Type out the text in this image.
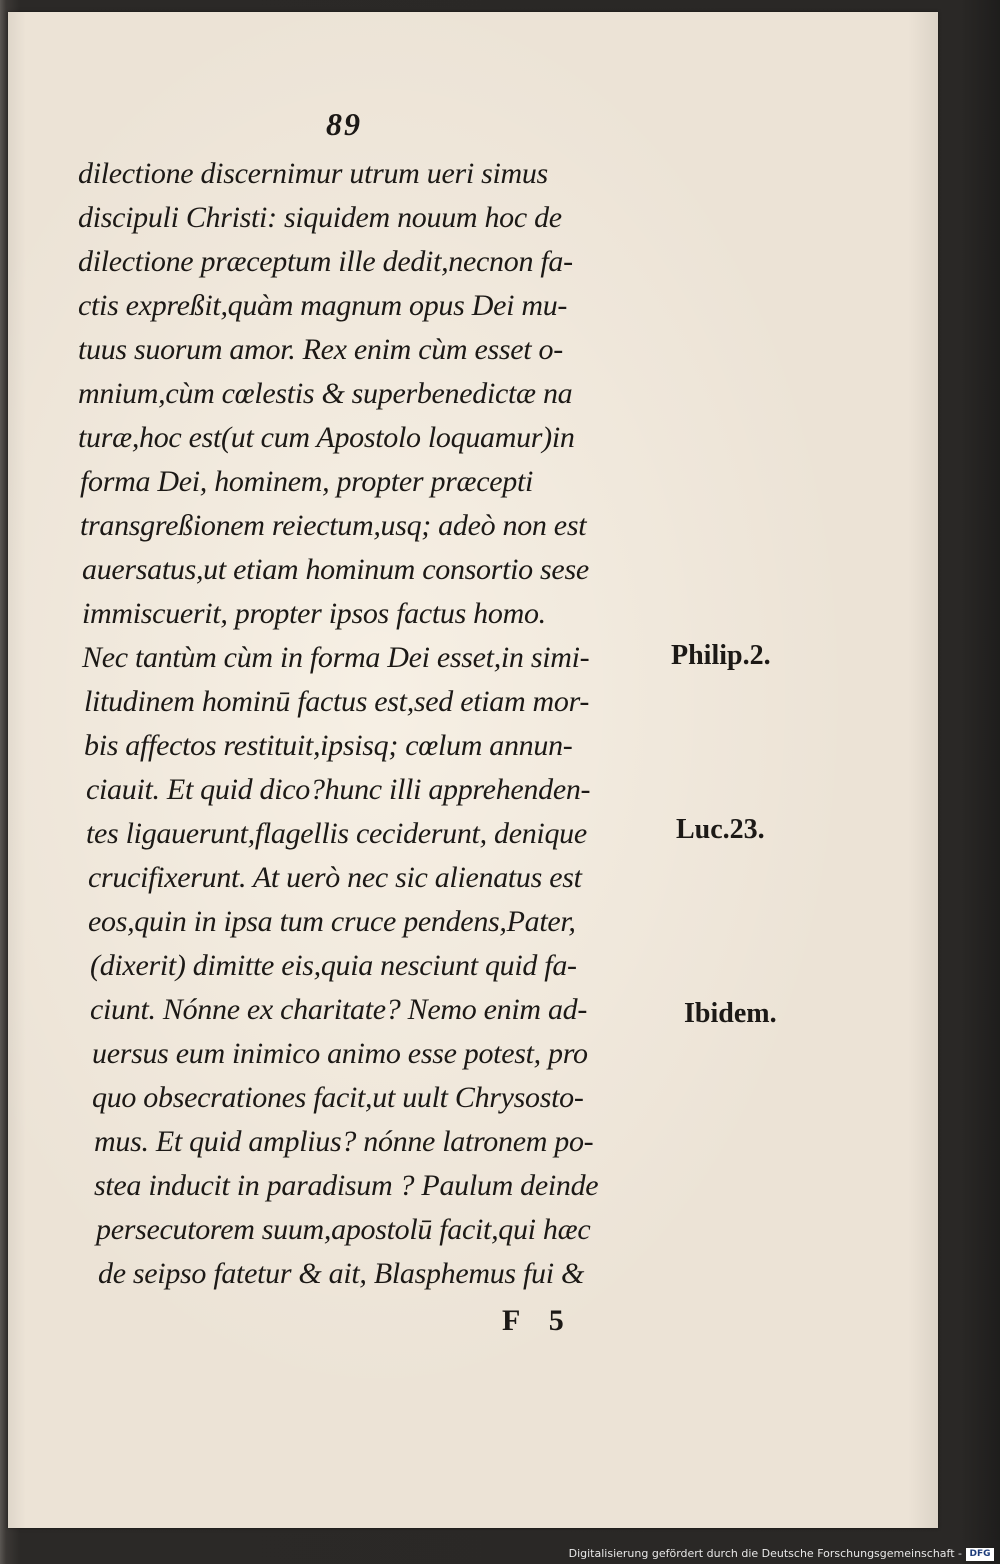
89
dilectione discernimur utrum ueri simus
discipuli Christi: siquidem nouum hoc de
dilectione præceptum ille dedit,necnon fa-
ctis expreßit,quàm magnum opus Dei mu-
tuus suorum amor. Rex enim cùm esset o-
mnium,cùm cœlestis & superbenedictæ na
turæ,hoc est(ut cum Apostolo loquamur)in
forma Dei, hominem, propter præcepti
transgreßionem reiectum,usq; adeò non est
auersatus,ut etiam hominum consortio sese
immiscuerit, propter ipsos factus homo.
Nec tantùm cùm in forma Dei esset,in simi-
litudinem hominū factus est,sed etiam mor-
bis affectos restituit,ipsisq; cœlum annun-
ciauit. Et quid dico?hunc illi apprehenden-
tes ligauerunt,flagellis ceciderunt, denique
crucifixerunt. At uerò nec sic alienatus est
eos,quin in ipsa tum cruce pendens,Pater,
(dixerit) dimitte eis,quia nesciunt quid fa-
ciunt. Nónne ex charitate? Nemo enim ad-
uersus eum inimico animo esse potest, pro
quo obsecrationes facit,ut uult Chrysosto-
mus. Et quid amplius? nónne latronem po-
stea inducit in paradisum ? Paulum deinde
persecutorem suum,apostolū facit,qui hæc
de seipso fatetur & ait, Blasphemus fui &
Philip.2.
Luc.23.
Ibidem.
F 5
Digitalisierung gefördert durch die Deutsche Forschungsgemeinschaft - DFG
